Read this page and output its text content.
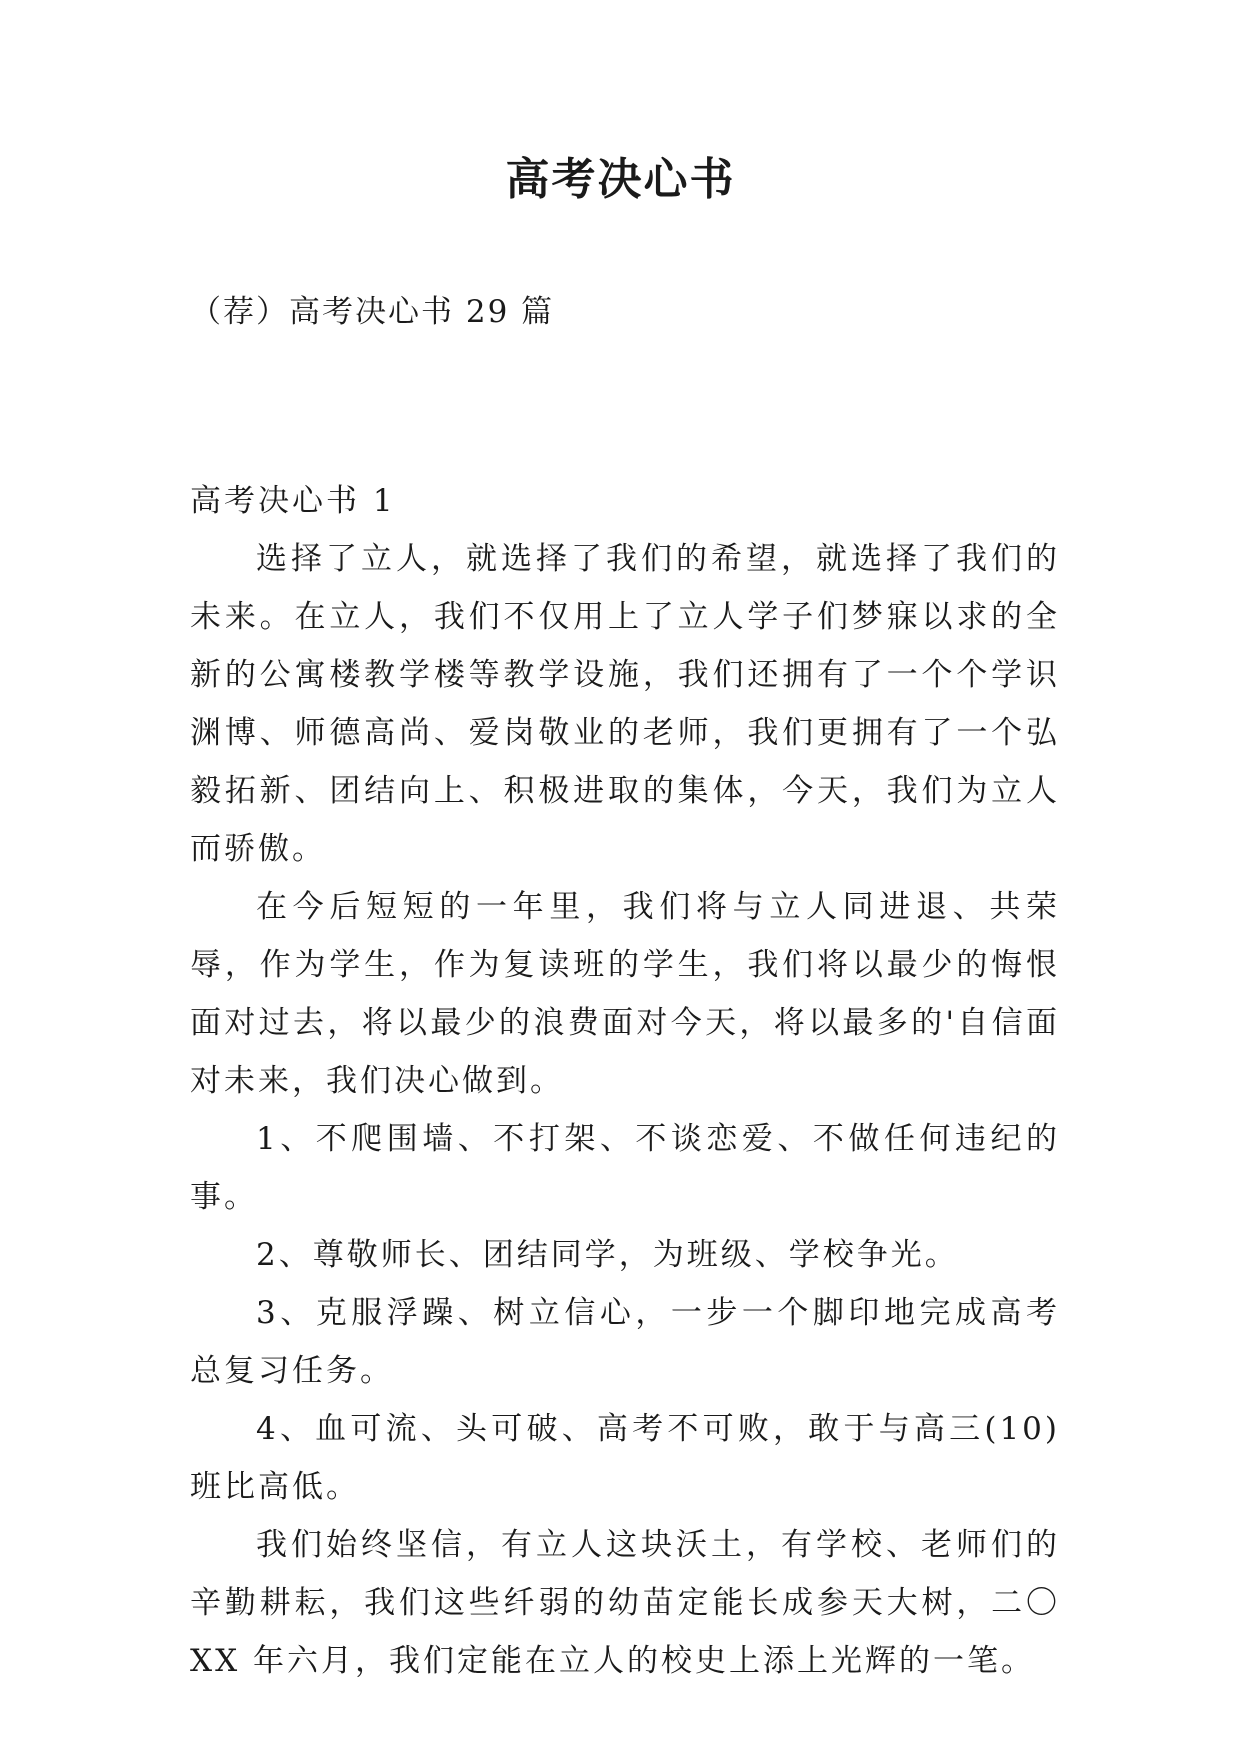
高考决心书

（荐）高考决心书 29 篇

高考决心书 1

选择了立人，就选择了我们的希望，就选择了我们的未来。在立人，我们不仅用上了立人学子们梦寐以求的全新的公寓楼教学楼等教学设施，我们还拥有了一个个学识渊博、师德高尚、爱岗敬业的老师，我们更拥有了一个弘毅拓新、团结向上、积极进取的集体，今天，我们为立人而骄傲。

在今后短短的一年里，我们将与立人同进退、共荣辱，作为学生，作为复读班的学生，我们将以最少的悔恨面对过去，将以最少的浪费面对今天，将以最多的'自信面对未来，我们决心做到。

1、不爬围墙、不打架、不谈恋爱、不做任何违纪的事。

2、尊敬师长、团结同学，为班级、学校争光。

3、克服浮躁、树立信心，一步一个脚印地完成高考总复习任务。

4、血可流、头可破、高考不可败，敢于与高三(10)班比高低。

我们始终坚信，有立人这块沃土，有学校、老师们的辛勤耕耘，我们这些纤弱的幼苗定能长成参天大树，二〇XX 年六月，我们定能在立人的校史上添上光辉的一笔。
